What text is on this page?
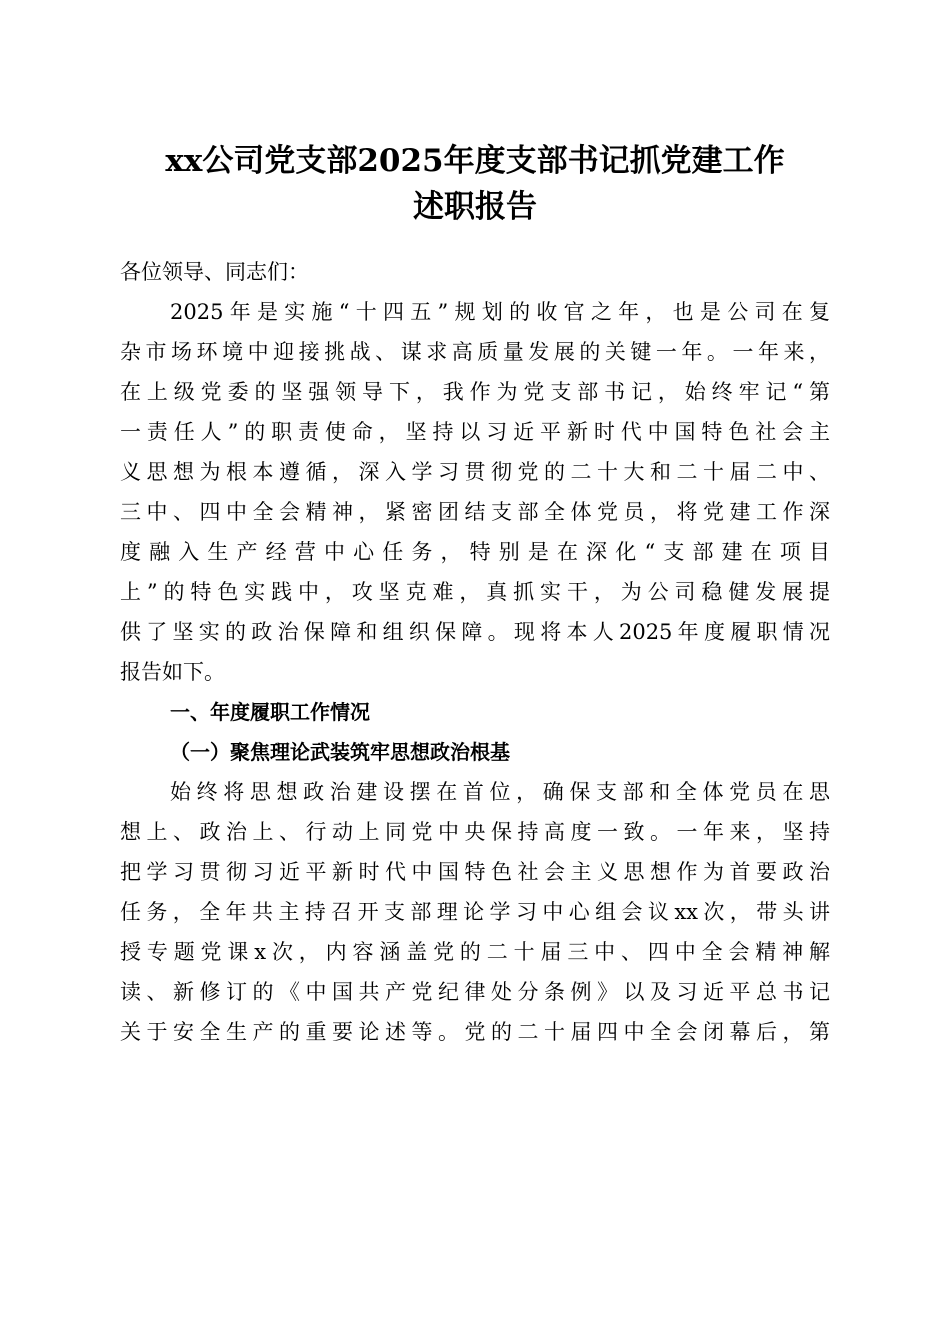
xx公司党支部2025年度支部书记抓党建工作
述职报告
各位领导、同志们：
2025年是实施“十四五”规划的收官之年，也是公司在复
杂市场环境中迎接挑战、谋求高质量发展的关键一年。一年来，
在上级党委的坚强领导下，我作为党支部书记，始终牢记“第
一责任人”的职责使命，坚持以习近平新时代中国特色社会主
义思想为根本遵循，深入学习贯彻党的二十大和二十届二中、
三中、四中全会精神，紧密团结支部全体党员，将党建工作深
度融入生产经营中心任务，特别是在深化“支部建在项目
上”的特色实践中，攻坚克难，真抓实干，为公司稳健发展提
供了坚实的政治保障和组织保障。现将本人2025年度履职情况
报告如下。
一、年度履职工作情况
（一）聚焦理论武装筑牢思想政治根基
始终将思想政治建设摆在首位，确保支部和全体党员在思
想上、政治上、行动上同党中央保持高度一致。一年来，坚持
把学习贯彻习近平新时代中国特色社会主义思想作为首要政治
任务，全年共主持召开支部理论学习中心组会议xx次，带头讲
授专题党课x次，内容涵盖党的二十届三中、四中全会精神解
读、新修订的《中国共产党纪律处分条例》以及习近平总书记
关于安全生产的重要论述等。党的二十届四中全会闭幕后，第
